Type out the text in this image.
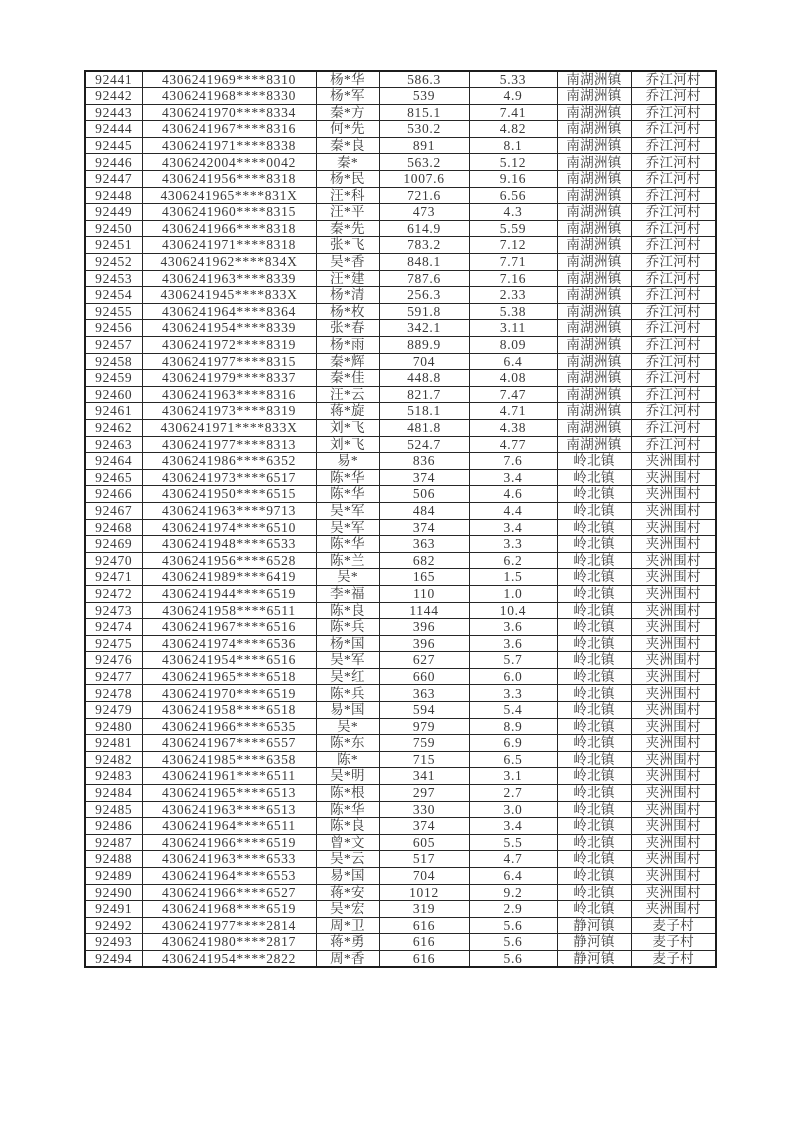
92441	4306241969****8310	杨*华	586.3	5.33	南湖洲镇	乔江河村
92442	4306241968****8330	杨*军	539	4.9	南湖洲镇	乔江河村
92443	4306241970****8334	秦*方	815.1	7.41	南湖洲镇	乔江河村
92444	4306241967****8316	何*先	530.2	4.82	南湖洲镇	乔江河村
92445	4306241971****8338	秦*良	891	8.1	南湖洲镇	乔江河村
92446	4306242004****0042	秦*	563.2	5.12	南湖洲镇	乔江河村
92447	4306241956****8318	杨*民	1007.6	9.16	南湖洲镇	乔江河村
92448	4306241965****831X	汪*科	721.6	6.56	南湖洲镇	乔江河村
92449	4306241960****8315	汪*平	473	4.3	南湖洲镇	乔江河村
92450	4306241966****8318	秦*先	614.9	5.59	南湖洲镇	乔江河村
92451	4306241971****8318	张*飞	783.2	7.12	南湖洲镇	乔江河村
92452	4306241962****834X	吴*香	848.1	7.71	南湖洲镇	乔江河村
92453	4306241963****8339	汪*建	787.6	7.16	南湖洲镇	乔江河村
92454	4306241945****833X	杨*清	256.3	2.33	南湖洲镇	乔江河村
92455	4306241964****8364	杨*枚	591.8	5.38	南湖洲镇	乔江河村
92456	4306241954****8339	张*春	342.1	3.11	南湖洲镇	乔江河村
92457	4306241972****8319	杨*雨	889.9	8.09	南湖洲镇	乔江河村
92458	4306241977****8315	秦*辉	704	6.4	南湖洲镇	乔江河村
92459	4306241979****8337	秦*佳	448.8	4.08	南湖洲镇	乔江河村
92460	4306241963****8316	汪*云	821.7	7.47	南湖洲镇	乔江河村
92461	4306241973****8319	蒋*旋	518.1	4.71	南湖洲镇	乔江河村
92462	4306241971****833X	刘*飞	481.8	4.38	南湖洲镇	乔江河村
92463	4306241977****8313	刘*飞	524.7	4.77	南湖洲镇	乔江河村
92464	4306241986****6352	易*	836	7.6	岭北镇	夹洲围村
92465	4306241973****6517	陈*华	374	3.4	岭北镇	夹洲围村
92466	4306241950****6515	陈*华	506	4.6	岭北镇	夹洲围村
92467	4306241963****9713	吴*军	484	4.4	岭北镇	夹洲围村
92468	4306241974****6510	吴*军	374	3.4	岭北镇	夹洲围村
92469	4306241948****6533	陈*华	363	3.3	岭北镇	夹洲围村
92470	4306241956****6528	陈*兰	682	6.2	岭北镇	夹洲围村
92471	4306241989****6419	吴*	165	1.5	岭北镇	夹洲围村
92472	4306241944****6519	李*福	110	1.0	岭北镇	夹洲围村
92473	4306241958****6511	陈*良	1144	10.4	岭北镇	夹洲围村
92474	4306241967****6516	陈*兵	396	3.6	岭北镇	夹洲围村
92475	4306241974****6536	杨*国	396	3.6	岭北镇	夹洲围村
92476	4306241954****6516	吴*军	627	5.7	岭北镇	夹洲围村
92477	4306241965****6518	吴*红	660	6.0	岭北镇	夹洲围村
92478	4306241970****6519	陈*兵	363	3.3	岭北镇	夹洲围村
92479	4306241958****6518	易*国	594	5.4	岭北镇	夹洲围村
92480	4306241966****6535	吴*	979	8.9	岭北镇	夹洲围村
92481	4306241967****6557	陈*东	759	6.9	岭北镇	夹洲围村
92482	4306241985****6358	陈*	715	6.5	岭北镇	夹洲围村
92483	4306241961****6511	吴*明	341	3.1	岭北镇	夹洲围村
92484	4306241965****6513	陈*根	297	2.7	岭北镇	夹洲围村
92485	4306241963****6513	陈*华	330	3.0	岭北镇	夹洲围村
92486	4306241964****6511	陈*良	374	3.4	岭北镇	夹洲围村
92487	4306241966****6519	曾*文	605	5.5	岭北镇	夹洲围村
92488	4306241963****6533	吴*云	517	4.7	岭北镇	夹洲围村
92489	4306241964****6553	易*国	704	6.4	岭北镇	夹洲围村
92490	4306241966****6527	蒋*安	1012	9.2	岭北镇	夹洲围村
92491	4306241968****6519	吴*宏	319	2.9	岭北镇	夹洲围村
92492	4306241977****2814	周*卫	616	5.6	静河镇	麦子村
92493	4306241980****2817	蒋*勇	616	5.6	静河镇	麦子村
92494	4306241954****2822	周*香	616	5.6	静河镇	麦子村
